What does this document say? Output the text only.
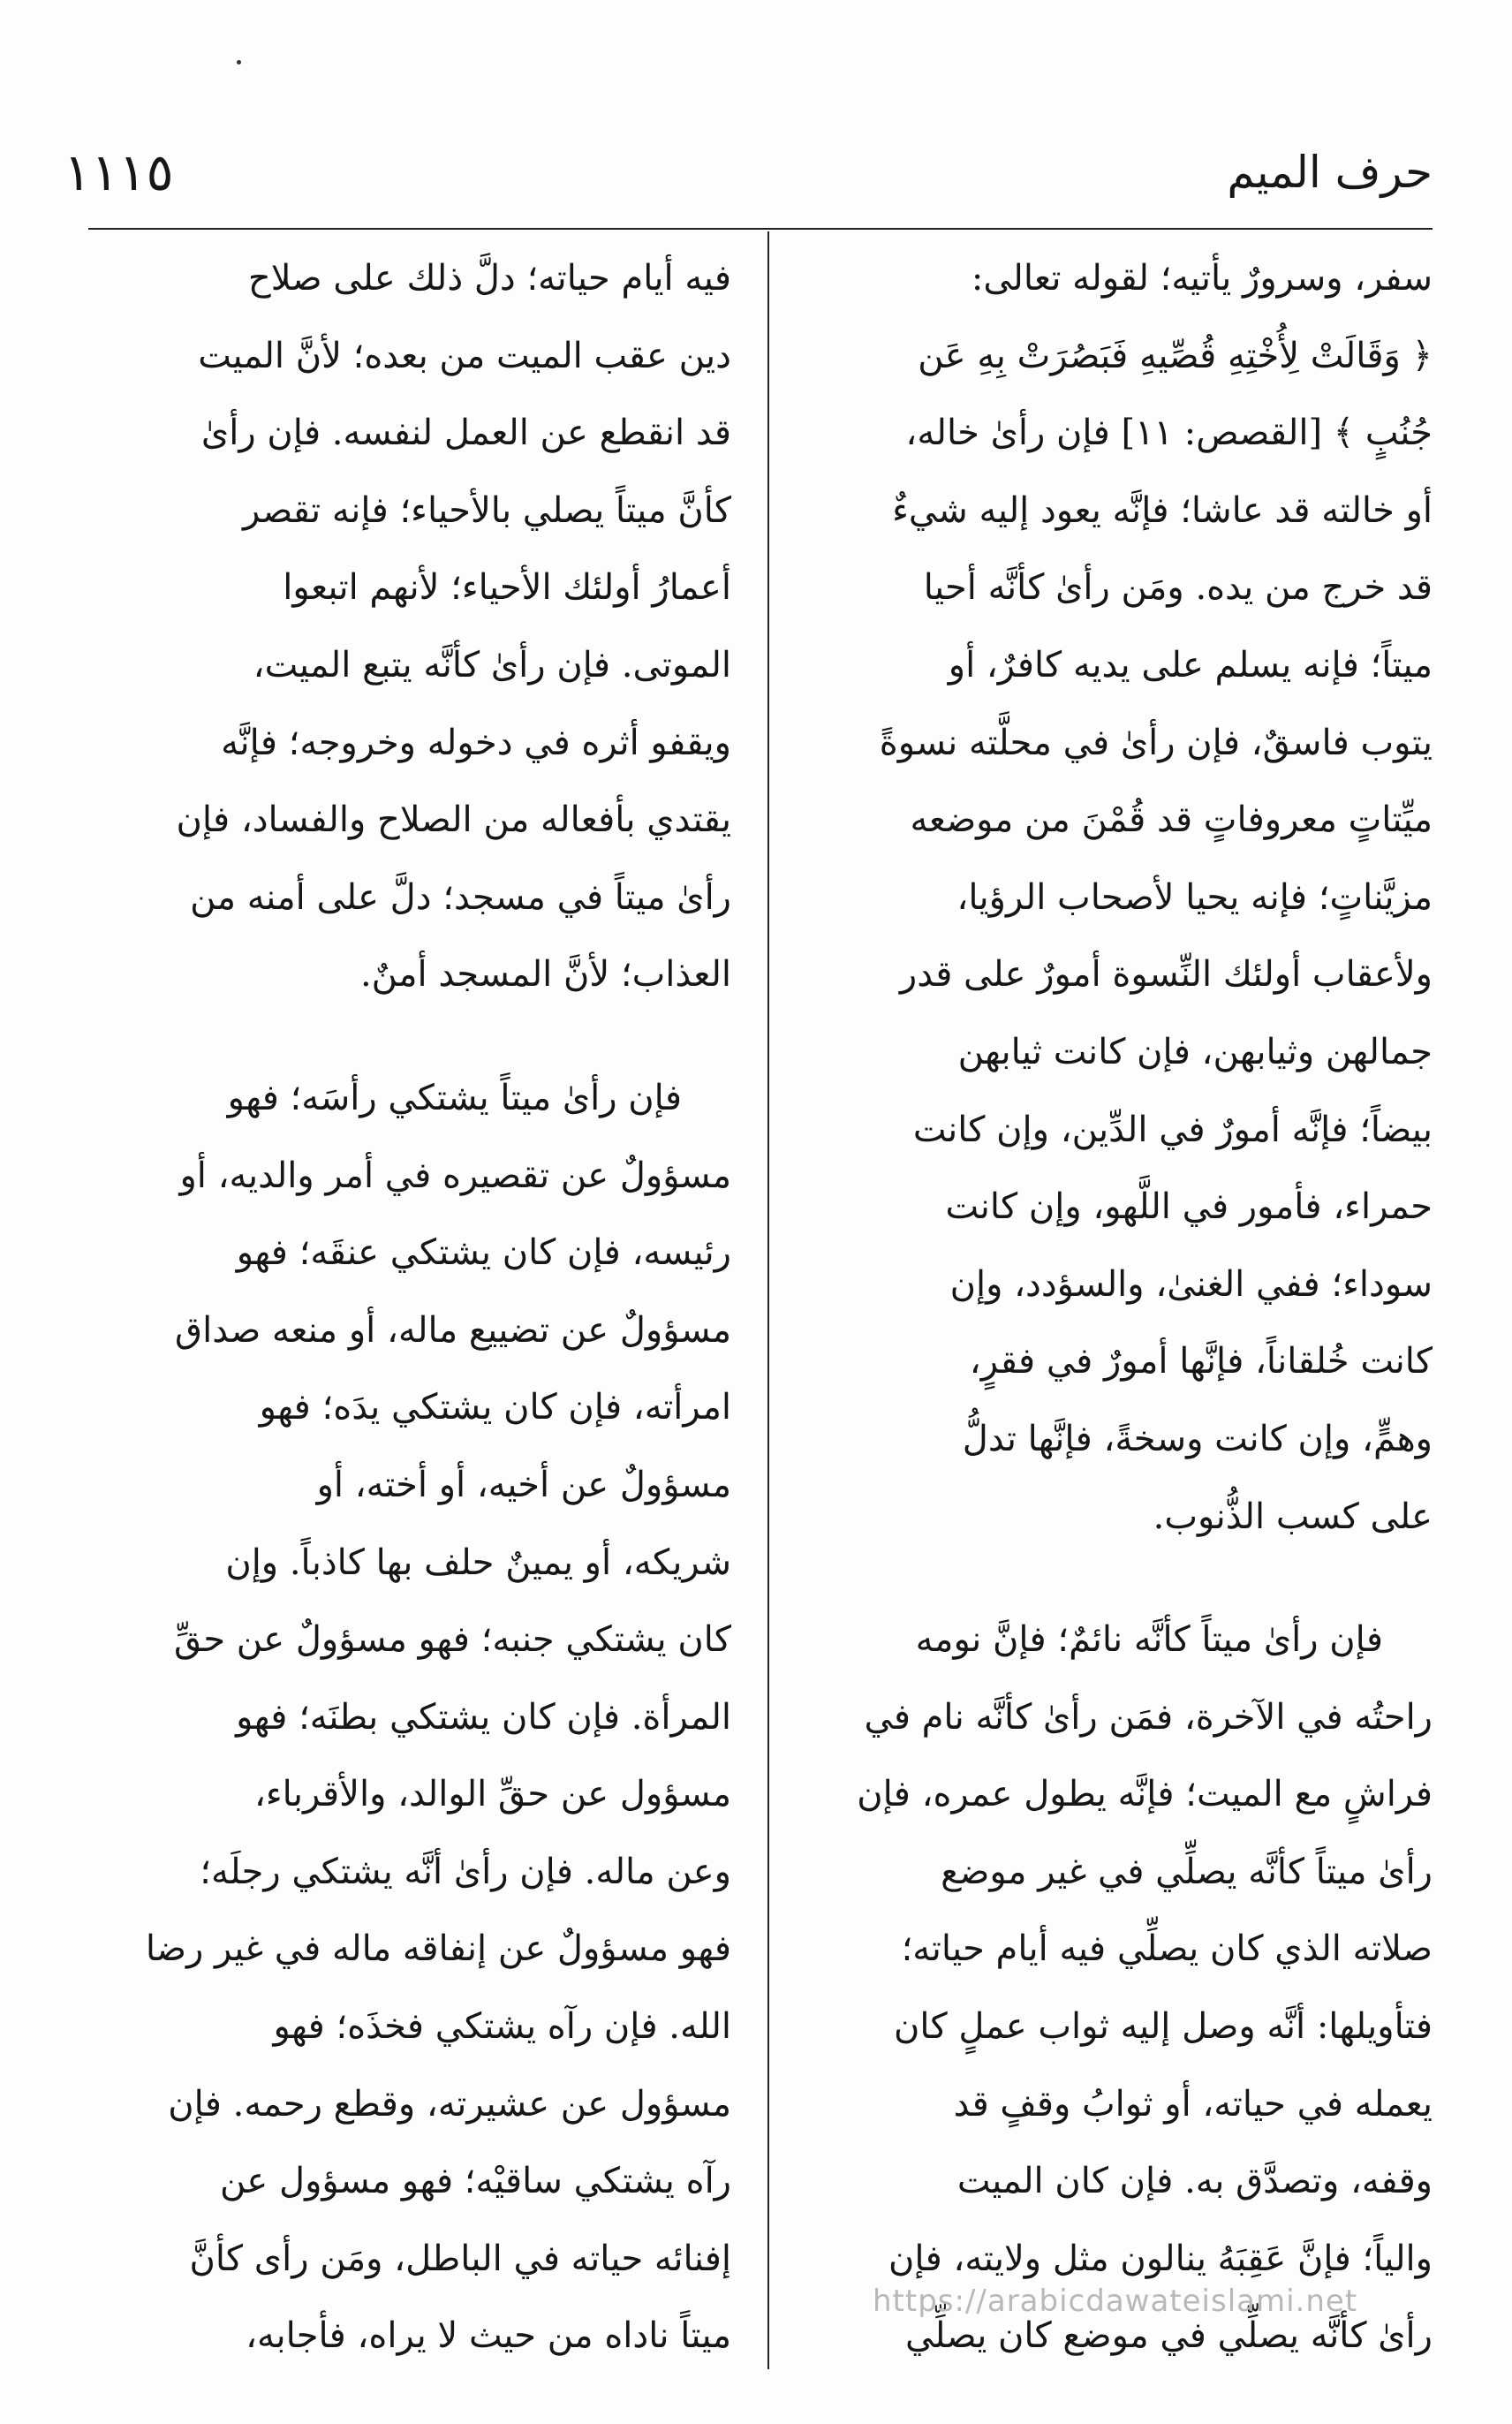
١١١٥	حرف الميم
سفر، وسرورٌ يأتيه؛ لقوله تعالى:
﴿ وَقَالَتْ لِأُخْتِهِ قُصِّيهِ فَبَصُرَتْ بِهِ عَن
جُنُبٍ ﴾ [القصص: ١١] فإن رأىٰ خاله،
أو خالته قد عاشا؛ فإنَّه يعود إليه شيءٌ
قد خرج من يده. ومَن رأىٰ كأنَّه أحيا
ميتاً؛ فإنه يسلم على يديه كافرٌ، أو
يتوب فاسقٌ، فإن رأىٰ في محلَّته نسوةً
ميِّتاتٍ معروفاتٍ قد قُمْنَ من موضعه
مزيَّناتٍ؛ فإنه يحيا لأصحاب الرؤيا،
ولأعقاب أولئك النِّسوة أمورٌ على قدر
جمالهن وثيابهن، فإن كانت ثيابهن
بيضاً؛ فإنَّه أمورٌ في الدِّين، وإن كانت
حمراء، فأمور في اللَّهو، وإن كانت
سوداء؛ ففي الغنىٰ، والسؤدد، وإن
كانت خُلقاناً، فإنَّها أمورٌ في فقرٍ،
وهمٍّ، وإن كانت وسخةً، فإنَّها تدلُّ
على كسب الذُّنوب.
فإن رأىٰ ميتاً كأنَّه نائمٌ؛ فإنَّ نومه
راحتُه في الآخرة، فمَن رأىٰ كأنَّه نام في
فراشٍ مع الميت؛ فإنَّه يطول عمره، فإن
رأىٰ ميتاً كأنَّه يصلِّي في غير موضع
صلاته الذي كان يصلِّي فيه أيام حياته؛
فتأويلها: أنَّه وصل إليه ثواب عملٍ كان
يعمله في حياته، أو ثوابُ وقفٍ قد
وقفه، وتصدَّق به. فإن كان الميت
والياً؛ فإنَّ عَقِبَهُ ينالون مثل ولايته، فإن
رأىٰ كأنَّه يصلِّي في موضع كان يصلِّي
فيه أيام حياته؛ دلَّ ذلك على صلاح
دين عقب الميت من بعده؛ لأنَّ الميت
قد انقطع عن العمل لنفسه. فإن رأىٰ
كأنَّ ميتاً يصلي بالأحياء؛ فإنه تقصر
أعمارُ أولئك الأحياء؛ لأنهم اتبعوا
الموتى. فإن رأىٰ كأنَّه يتبع الميت،
ويقفو أثره في دخوله وخروجه؛ فإنَّه
يقتدي بأفعاله من الصلاح والفساد، فإن
رأىٰ ميتاً في مسجد؛ دلَّ على أمنه من
العذاب؛ لأنَّ المسجد أمنٌ.
فإن رأىٰ ميتاً يشتكي رأسَه؛ فهو
مسؤولٌ عن تقصيره في أمر والديه، أو
رئيسه، فإن كان يشتكي عنقَه؛ فهو
مسؤولٌ عن تضييع ماله، أو منعه صداق
امرأته، فإن كان يشتكي يدَه؛ فهو
مسؤولٌ عن أخيه، أو أخته، أو
شريكه، أو يمينٌ حلف بها كاذباً. وإن
كان يشتكي جنبه؛ فهو مسؤولٌ عن حقِّ
المرأة. فإن كان يشتكي بطنَه؛ فهو
مسؤول عن حقِّ الوالد، والأقرباء،
وعن ماله. فإن رأىٰ أنَّه يشتكي رجلَه؛
فهو مسؤولٌ عن إنفاقه ماله في غير رضا
الله. فإن رآه يشتكي فخذَه؛ فهو
مسؤول عن عشيرته، وقطع رحمه. فإن
رآه يشتكي ساقيْه؛ فهو مسؤول عن
إفنائه حياته في الباطل، ومَن رأى كأنَّ
ميتاً ناداه من حيث لا يراه، فأجابه،
https://arabicdawateislami.net
